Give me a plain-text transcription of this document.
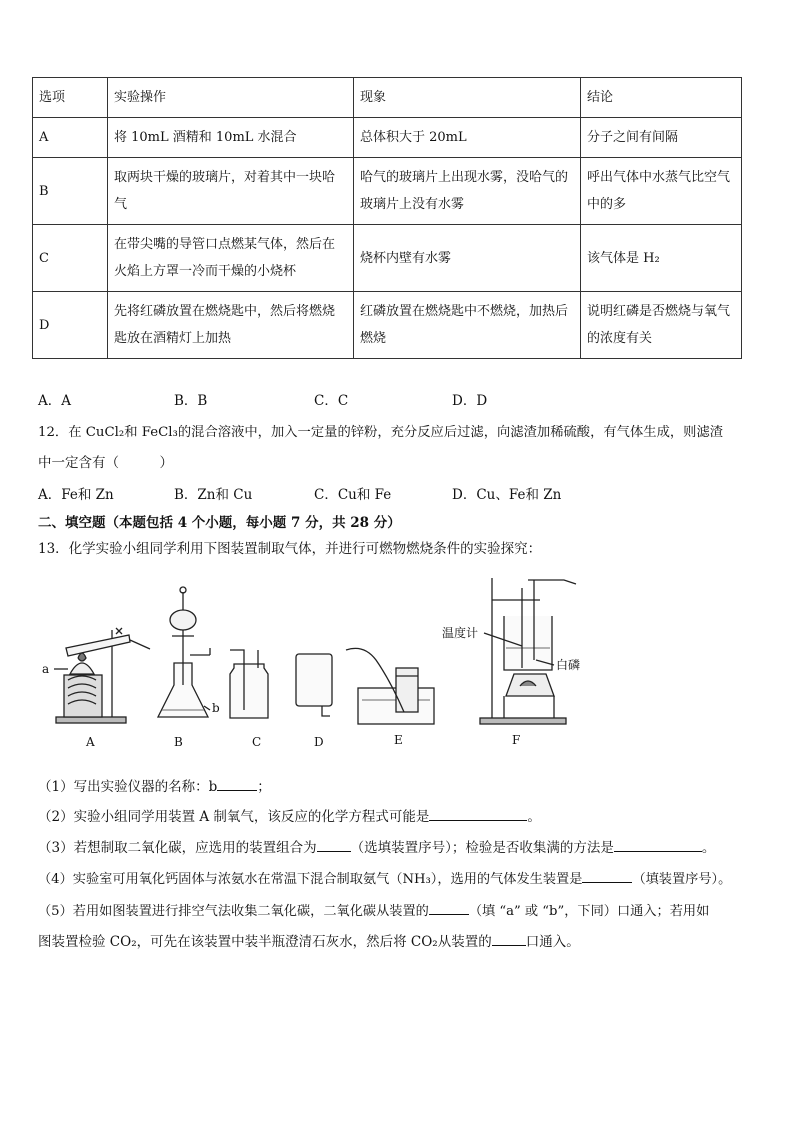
选项	实验操作	现象	结论
A	将 10mL 酒精和 10mL 水混合	总体积大于 20mL	分子之间有间隔
B	取两块干燥的玻璃片，对着其中一块哈气	哈气的玻璃片上出现水雾，没哈气的玻璃片上没有水雾	呼出气体中水蒸气比空气中的多
C	在带尖嘴的导管口点燃某气体，然后在火焰上方罩一冷而干燥的小烧杯	烧杯内壁有水雾	该气体是 H₂
D	先将红磷放置在燃烧匙中，然后将燃烧匙放在酒精灯上加热	红磷放置在燃烧匙中不燃烧，加热后燃烧	说明红磷是否燃烧与氧气的浓度有关
A．A	B．B	C．C	D．D
12．在 CuCl₂和 FeCl₃的混合溶液中，加入一定量的锌粉，充分反应后过滤，向滤渣加稀硫酸，有气体生成，则滤渣
中一定含有（　　　）
A．Fe和 Zn	B．Zn和 Cu	C．Cu和 Fe	D．Cu、Fe和 Zn
二、填空题（本题包括 4 个小题，每小题 7 分，共 28 分）
13．化学实验小组同学利用下图装置制取气体，并进行可燃物燃烧条件的实验探究：
a
b
温度计
白磷
A	B	C	D	E	F
（1）写出实验仪器的名称：b	；
（2）实验小组同学用装置 A 制氧气，该反应的化学方程式可能是	。
（3）若想制取二氧化碳，应选用的装置组合为	（选填装置序号）；检验是否收集满的方法是	。
（4）实验室可用氧化钙固体与浓氨水在常温下混合制取氨气（NH₃），选用的气体发生装置是	（填装置序号）。
（5）若用如图装置进行排空气法收集二氧化碳，二氧化碳从装置的	（填 “a” 或 “b”，下同）口通入；若用如
图装置检验 CO₂，可先在该装置中装半瓶澄清石灰水，然后将 CO₂从装置的	口通入。
